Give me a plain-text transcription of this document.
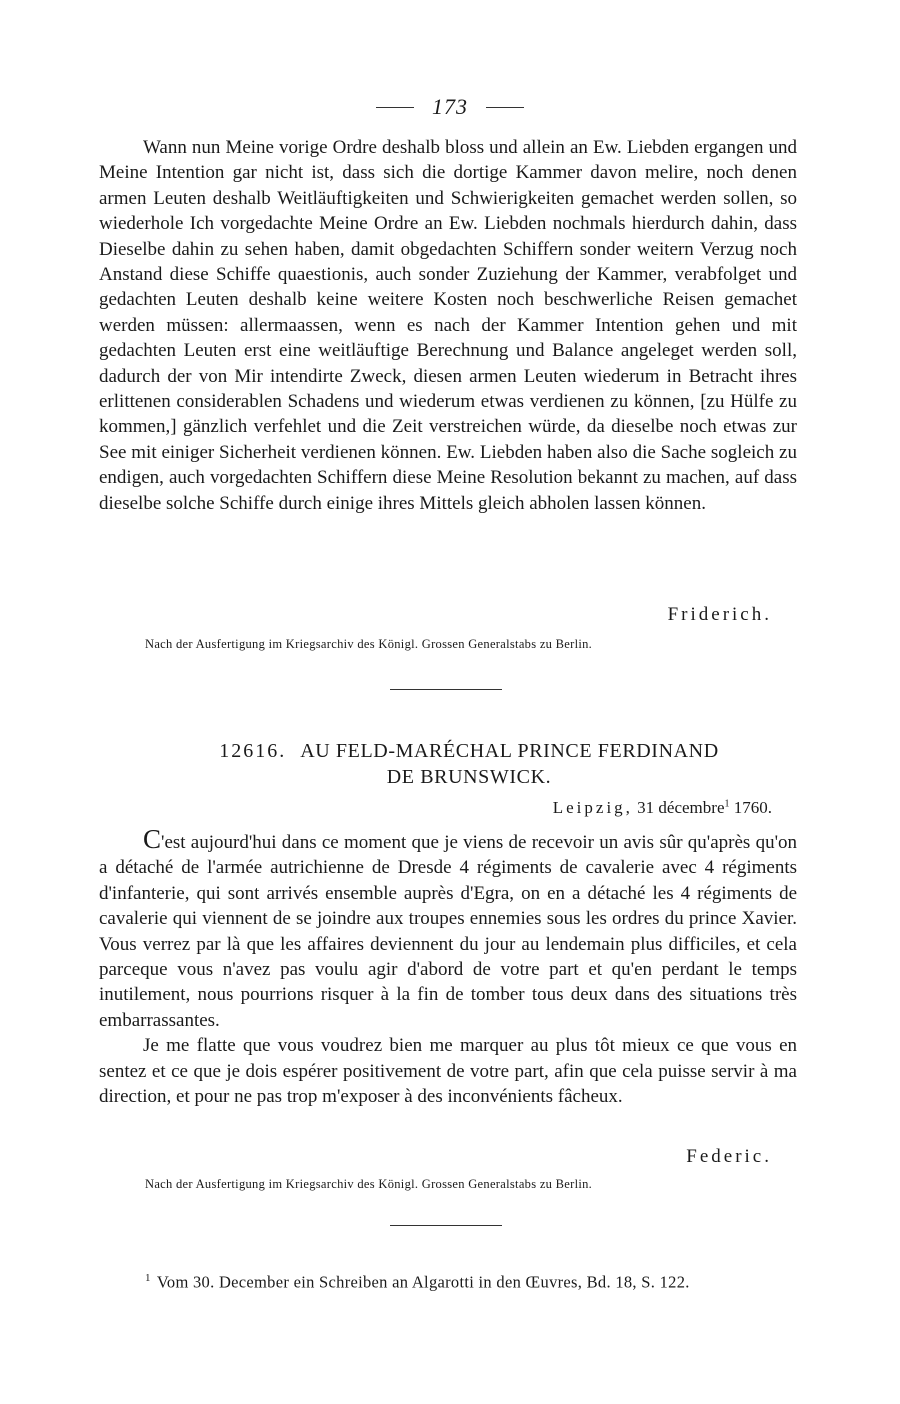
173

Wann nun Meine vorige Ordre deshalb bloss und allein an Ew. Liebden ergangen und Meine Intention gar nicht ist, dass sich die dortige Kammer davon melire, noch denen armen Leuten deshalb Weitläuftigkeiten und Schwierigkeiten gemachet werden sollen, so wiederhole Ich vorgedachte Meine Ordre an Ew. Liebden nochmals hierdurch dahin, dass Dieselbe dahin zu sehen haben, damit obgedachten Schiffern sonder weitern Verzug noch Anstand diese Schiffe quaestionis, auch sonder Zuziehung der Kammer, verabfolget und gedachten Leuten deshalb keine weitere Kosten noch beschwerliche Reisen gemachet werden müssen: allermaassen, wenn es nach der Kammer Intention gehen und mit gedachten Leuten erst eine weitläuftige Berechnung und Balance angeleget werden soll, dadurch der von Mir intendirte Zweck, diesen armen Leuten wiederum in Betracht ihres erlittenen considerablen Schadens und wiederum etwas verdienen zu können, [zu Hülfe zu kommen,] gänzlich verfehlet und die Zeit verstreichen würde, da dieselbe noch etwas zur See mit einiger Sicherheit verdienen können. Ew. Liebden haben also die Sache sogleich zu endigen, auch vorgedachten Schiffern diese Meine Resolution bekannt zu machen, auf dass dieselbe solche Schiffe durch einige ihres Mittels gleich abholen lassen können.

Friderich.
Nach der Ausfertigung im Kriegsarchiv des Königl. Grossen Generalstabs zu Berlin.
12616. AU FELD-MARÉCHAL PRINCE FERDINAND
DE BRUNSWICK.
Leipzig, 31 décembre$^1$ 1760.

C'est aujourd'hui dans ce moment que je viens de recevoir un avis sûr qu'après qu'on a détaché de l'armée autrichienne de Dresde 4 régiments de cavalerie avec 4 régiments d'infanterie, qui sont arrivés ensemble auprès d'Egra, on en a détaché les 4 régiments de cavalerie qui viennent de se joindre aux troupes ennemies sous les ordres du prince Xavier. Vous verrez par là que les affaires deviennent du jour au lendemain plus difficiles, et cela parceque vous n'avez pas voulu agir d'abord de votre part et qu'en perdant le temps inutilement, nous pourrions risquer à la fin de tomber tous deux dans des situations très embarrassantes.

Je me flatte que vous voudrez bien me marquer au plus tôt mieux ce que vous en sentez et ce que je dois espérer positivement de votre part, afin que cela puisse servir à ma direction, et pour ne pas trop m'exposer à des inconvénients fâcheux.

Federic.
Nach der Ausfertigung im Kriegsarchiv des Königl. Grossen Generalstabs zu Berlin.
$^1$ Vom 30. December ein Schreiben an Algarotti in den Œuvres, Bd. 18, S. 122.
